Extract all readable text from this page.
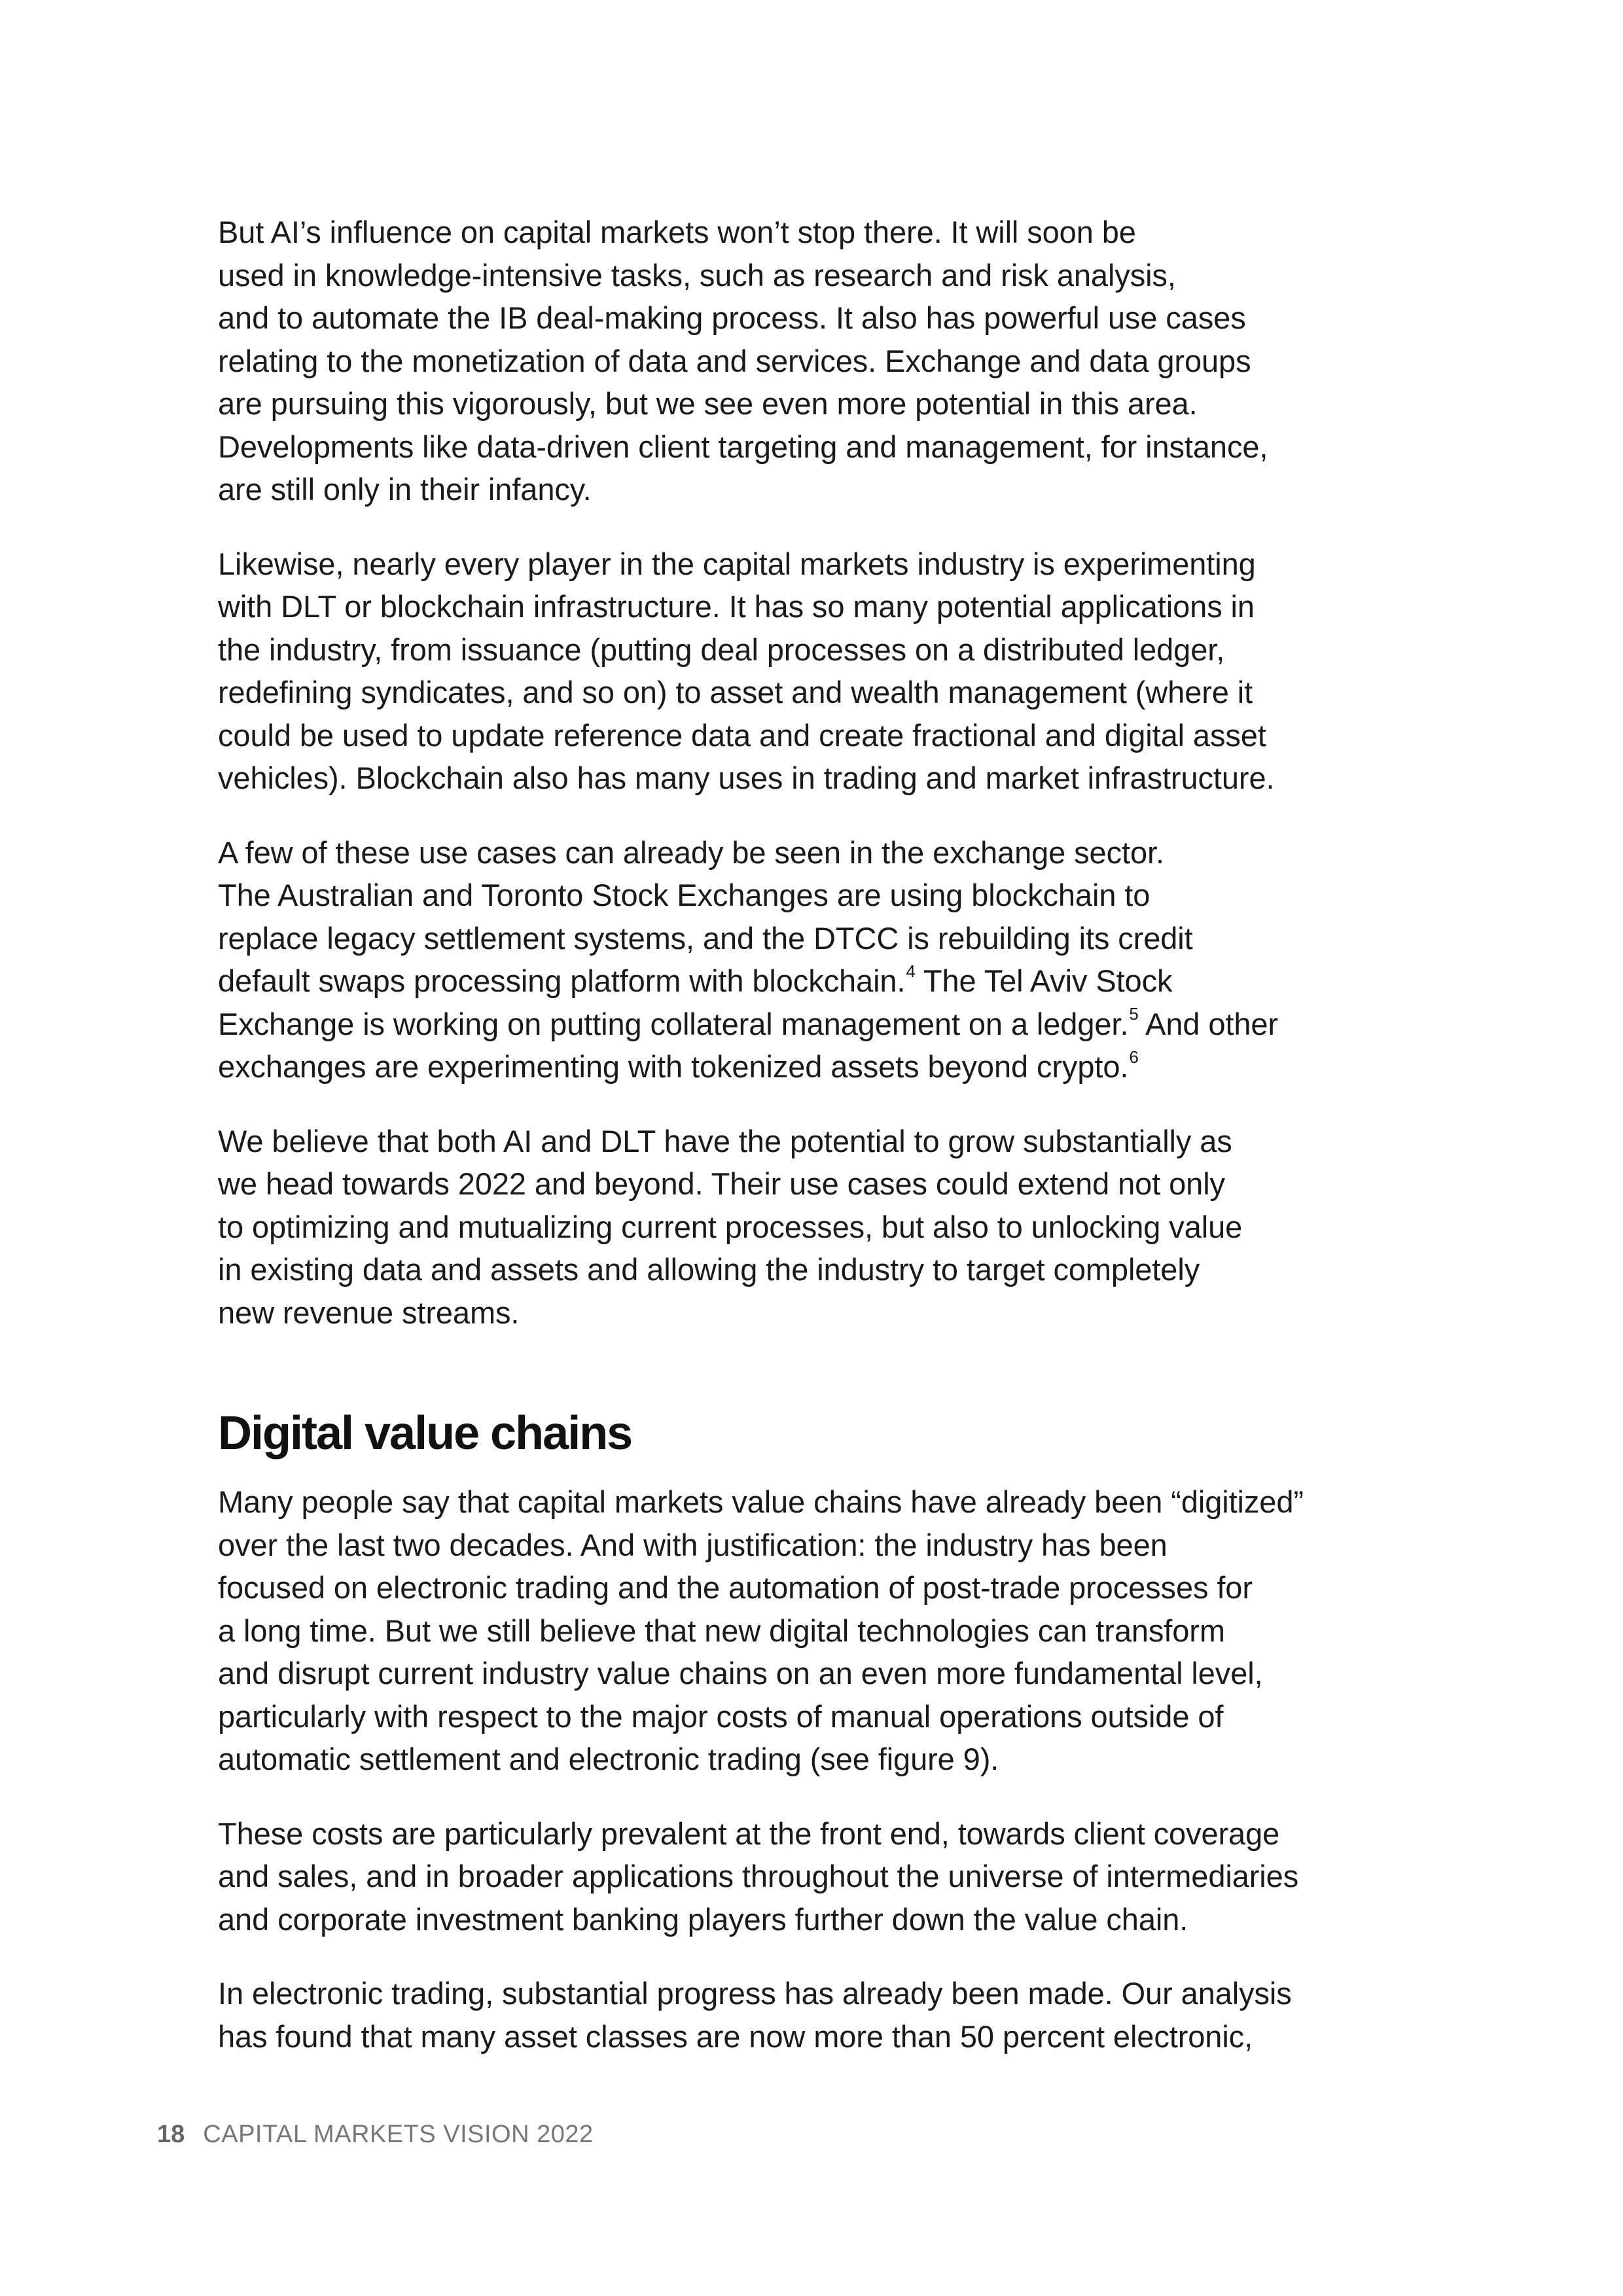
But AI’s influence on capital markets won’t stop there. It will soon be
used in knowledge-intensive tasks, such as research and risk analysis,
and to automate the IB deal-making process. It also has powerful use cases
relating to the monetization of data and services. Exchange and data groups
are pursuing this vigorously, but we see even more potential in this area.
Developments like data-driven client targeting and management, for instance,
are still only in their infancy.

Likewise, nearly every player in the capital markets industry is experimenting
with DLT or blockchain infrastructure. It has so many potential applications in
the industry, from issuance (putting deal processes on a distributed ledger,
redefining syndicates, and so on) to asset and wealth management (where it
could be used to update reference data and create fractional and digital asset
vehicles). Blockchain also has many uses in trading and market infrastructure.

A few of these use cases can already be seen in the exchange sector.
The Australian and Toronto Stock Exchanges are using blockchain to
replace legacy settlement systems, and the DTCC is rebuilding its credit
default swaps processing platform with blockchain.$^4$ The Tel Aviv Stock
Exchange is working on putting collateral management on a ledger.$^5$ And other
exchanges are experimenting with tokenized assets beyond crypto.$^6$

We believe that both AI and DLT have the potential to grow substantially as
we head towards 2022 and beyond. Their use cases could extend not only
to optimizing and mutualizing current processes, but also to unlocking value
in existing data and assets and allowing the industry to target completely
new revenue streams.

Digital value chains

Many people say that capital markets value chains have already been “digitized”
over the last two decades. And with justification: the industry has been
focused on electronic trading and the automation of post-trade processes for
a long time. But we still believe that new digital technologies can transform
and disrupt current industry value chains on an even more fundamental level,
particularly with respect to the major costs of manual operations outside of
automatic settlement and electronic trading (see figure 9).

These costs are particularly prevalent at the front end, towards client coverage
and sales, and in broader applications throughout the universe of intermediaries
and corporate investment banking players further down the value chain.

In electronic trading, substantial progress has already been made. Our analysis
has found that many asset classes are now more than 50 percent electronic,

18 CAPITAL MARKETS VISION 2022
